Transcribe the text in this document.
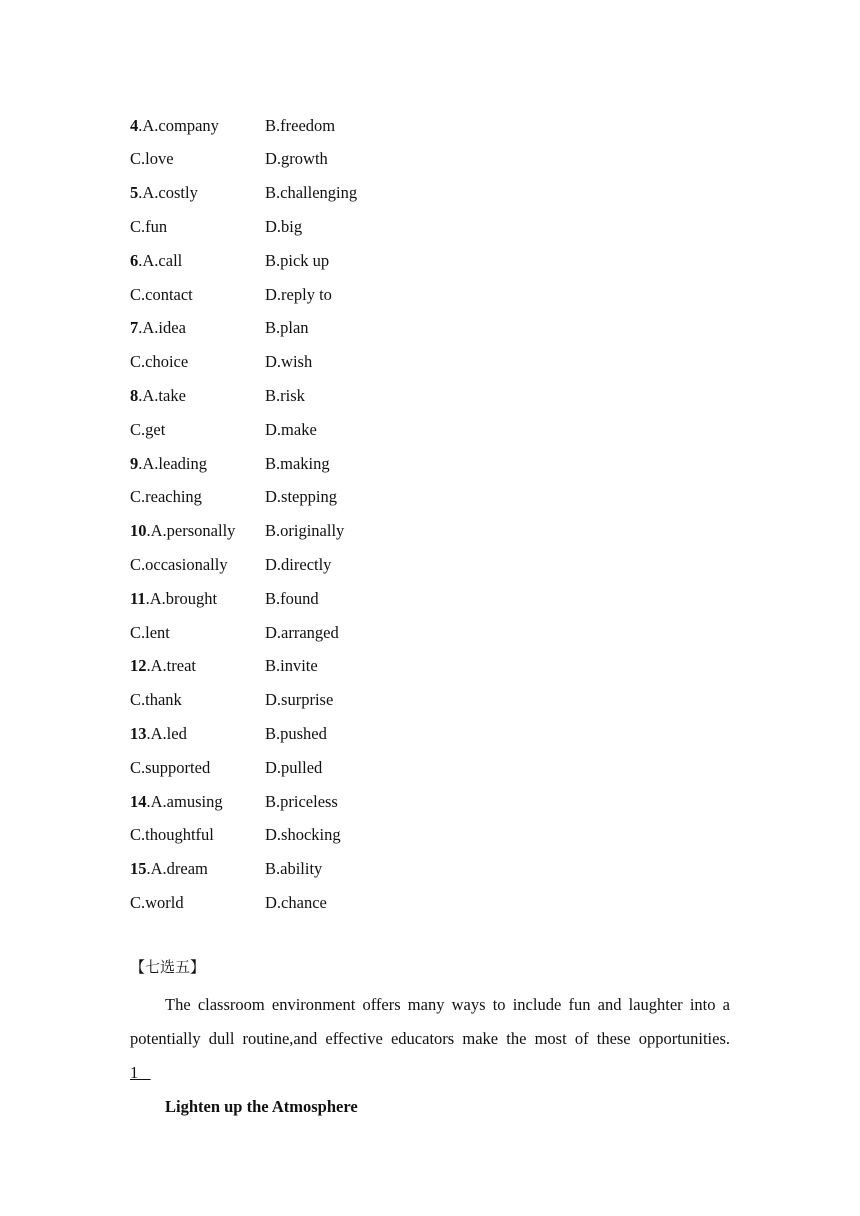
4.A.company	B.freedom
C.love	D.growth
5.A.costly	B.challenging
C.fun	D.big
6.A.call	B.pick up
C.contact	D.reply to
7.A.idea	B.plan
C.choice	D.wish
8.A.take	B.risk
C.get	D.make
9.A.leading	B.making
C.reaching	D.stepping
10.A.personally	B.originally
C.occasionally	D.directly
11.A.brought	B.found
C.lent	D.arranged
12.A.treat	B.invite
C.thank	D.surprise
13.A.led	B.pushed
C.supported	D.pulled
14.A.amusing	B.priceless
C.thoughtful	D.shocking
15.A.dream	B.ability
C.world	D.chance
【七选五】
The classroom environment offers many ways to include fun and laughter into a potentially dull routine,and effective educators make the most of these opportunities.
1
Lighten up the Atmosphere
